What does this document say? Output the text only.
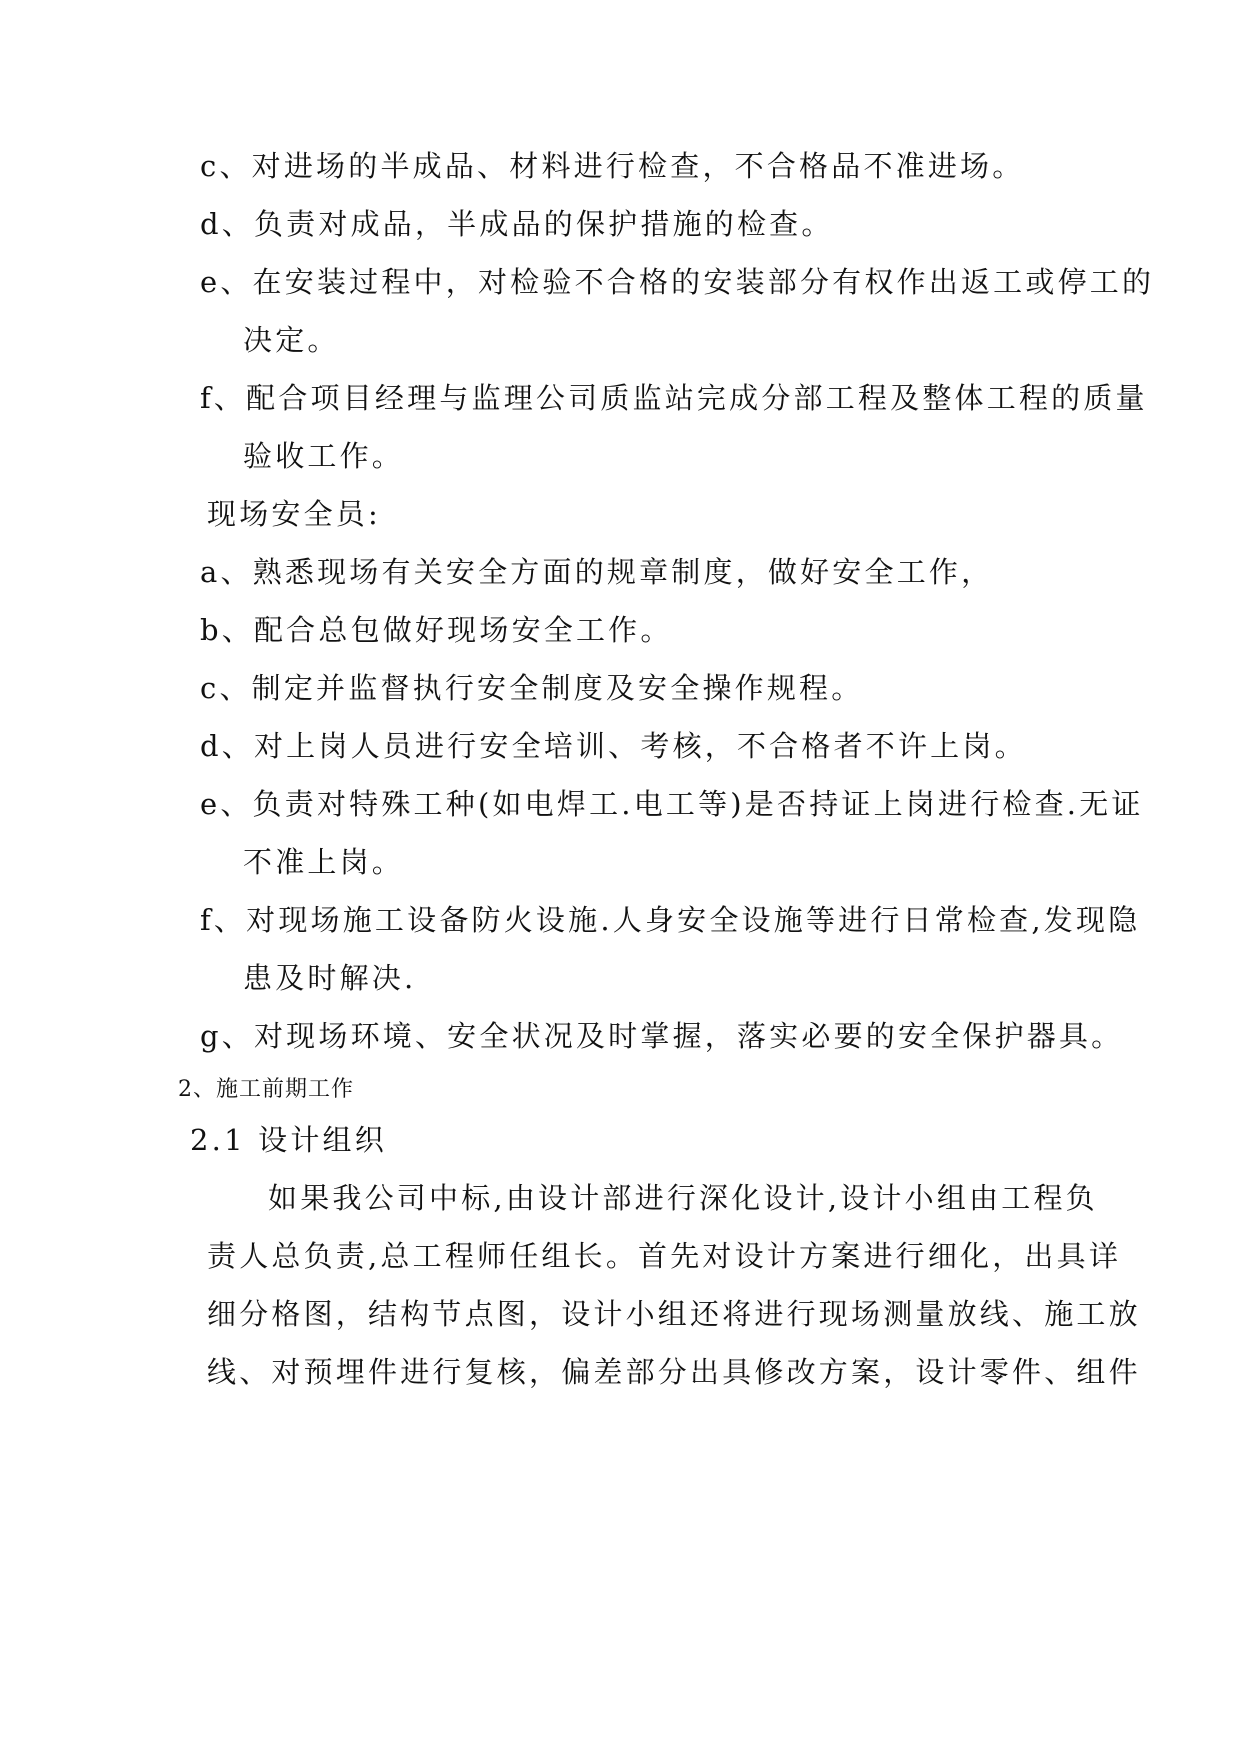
c、对进场的半成品、材料进行检查，不合格品不准进场。
d、负责对成品，半成品的保护措施的检查。
e、在安装过程中，对检验不合格的安装部分有权作出返工或停工的
决定。
f、配合项目经理与监理公司质监站完成分部工程及整体工程的质量
验收工作。
现场安全员:
a、熟悉现场有关安全方面的规章制度，做好安全工作，
b、配合总包做好现场安全工作。
c、制定并监督执行安全制度及安全操作规程。
d、对上岗人员进行安全培训、考核，不合格者不许上岗。
e、负责对特殊工种(如电焊工.电工等)是否持证上岗进行检查.无证
不准上岗。
f、对现场施工设备防火设施.人身安全设施等进行日常检查,发现隐
患及时解决.
g、对现场环境、安全状况及时掌握，落实必要的安全保护器具。
2、施工前期工作
2.1 设计组织
如果我公司中标,由设计部进行深化设计,设计小组由工程负
责人总负责,总工程师任组长。首先对设计方案进行细化，出具详
细分格图，结构节点图，设计小组还将进行现场测量放线、施工放
线、对预埋件进行复核，偏差部分出具修改方案，设计零件、组件
